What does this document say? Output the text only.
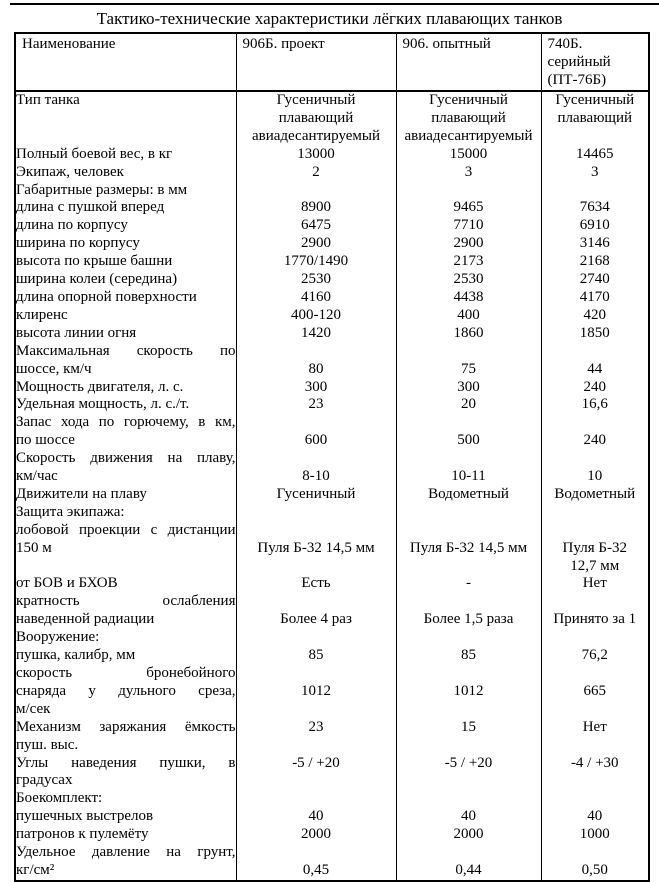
Тактико-технические характеристики лёгких плавающих танков
Наименование	906Б. проект	906. опытный	740Б.
серийный
(ПТ-76Б)

Тип танка	Гусеничный
плавающий
авиадесантируемый	Гусеничный
плавающий
авиадесантируемый	Гусеничный
плавающий

Полный боевой вес, в кг	13000	15000	14465

Экипаж, человек	2	3	3

Габаритные размеры: в мм			

длина с пушкой вперед	8900	9465	7634

длина по корпусу	6475	7710	6910

ширина по корпусу	2900	2900	3146

высота по крыше башни	1770/1490	2173	2168

ширина колеи (середина)	2530	2530	2740

длина опорной поверхности	4160	4438	4170

клиренс	400-120	400	420

высота линии огня	1420	1860	1850

Максимальная скорость по
шоссе, км/ч	80	75	44

Мощность двигателя, л. с.	300	300	240

Удельная мощность, л. с./т.	23	20	16,6

Запас хода по горючему, в км,
по шоссе	600	500	240

Скорость движения на плаву,
км/час	8-10	10-11	10

Движители на плаву	Гусеничный	Водометный	Водометный

Защита экипажа:			

лобовой проекции с дистанции
150 м	Пуля Б-32 14,5 мм	Пуля Б-32 14,5 мм	Пуля Б-32
12,7 мм

от БОВ и БХОВ	Есть	-	Нет

кратность ослабления
наведенной радиации	Более 4 раз	Более 1,5 раза	Принято за 1

Вооружение:			

пушка, калибр, мм	85	85	76,2

скорость бронебойного
снаряда у дульного среза,
м/сек	1012	1012	665

Механизм заряжания ёмкость
пуш. выс.	23	15	Нет

Углы наведения пушки, в
градусах	-5 / +20	-5 / +20	-4 / +30

Боекомплект:			

пушечных выстрелов	40	40	40

патронов к пулемёту	2000	2000	1000

Удельное давление на грунт,
кг/см²	0,45	0,44	0,50
